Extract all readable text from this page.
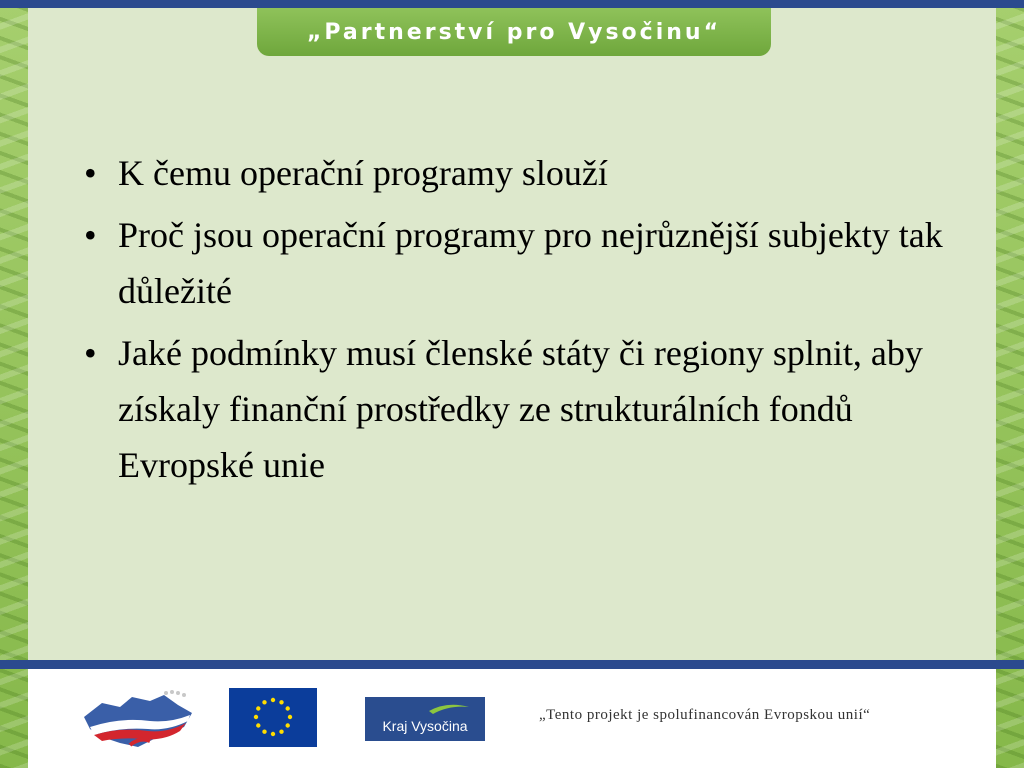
„Partnerství pro Vysočinu“
• K čemu operační programy slouží
• Proč jsou operační programy pro nejrůznější subjekty tak důležité
• Jaké podmínky musí členské státy či regiony splnit, aby získaly finanční prostředky ze strukturálních fondů Evropské unie
Kraj Vysočina
„Tento projekt je spolufinancován Evropskou unií“
